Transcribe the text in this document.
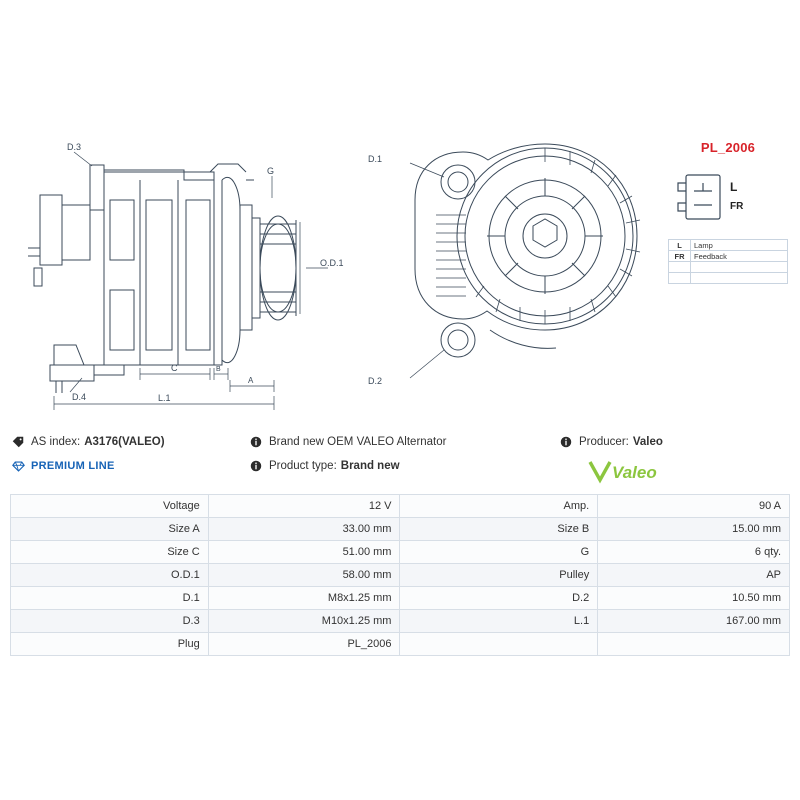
D.3
G
O.D.1
D.4
C	B
A
L.1
D.1
D.2
PL_2006
L
FR
L	Lamp
FR	Feedback

AS index: A3176(VALEO)
PREMIUM LINE
Brand new OEM VALEO Alternator
Product type: Brand new
Producer: Valeo
Valeo
Voltage	12 V	Amp.	90 A
Size A	33.00 mm	Size B	15.00 mm
Size C	51.00 mm	G	6 qty.
O.D.1	58.00 mm	Pulley	AP
D.1	M8x1.25 mm	D.2	10.50 mm
D.3	M10x1.25 mm	L.1	167.00 mm
Plug	PL_2006		
